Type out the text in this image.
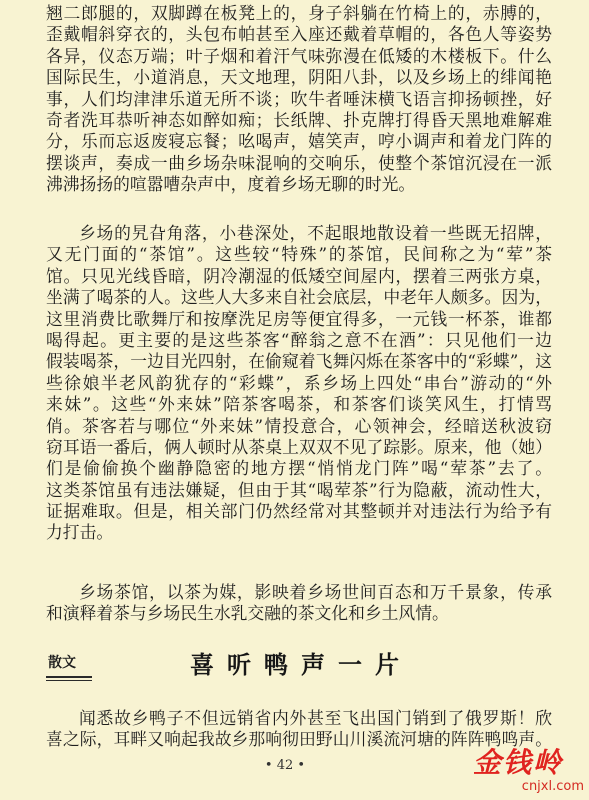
翘二郎腿的，双脚蹲在板凳上的，身子斜躺在竹椅上的，赤膊的，
歪戴帽斜穿衣的，头包布帕甚至入座还戴着草帽的，各色人等姿势
各异，仪态万端；叶子烟和着汗气味弥漫在低矮的木楼板下。什么
国际民生，小道消息，天文地理，阴阳八卦，以及乡场上的绯闻艳
事，人们均津津乐道无所不谈；吹牛者唾沫横飞语言抑扬顿挫，好
奇者洗耳恭听神态如醉如痴；长纸牌、扑克牌打得昏天黑地难解难
分，乐而忘返废寝忘餐；吆喝声，嬉笑声，哼小调声和着龙门阵的
摆谈声，奏成一曲乡场杂味混响的交响乐，使整个茶馆沉浸在一派
沸沸扬扬的喧嚣嘈杂声中，度着乡场无聊的时光。
乡场的旯旮角落，小巷深处，不起眼地散设着一些既无招牌，
又无门面的“茶馆”。这些较“特殊”的茶馆，民间称之为“荤”茶
馆。只见光线昏暗，阴冷潮湿的低矮空间屋内，摆着三两张方桌，
坐满了喝茶的人。这些人大多来自社会底层，中老年人颇多。因为，
这里消费比歌舞厅和按摩洗足房等便宜得多，一元钱一杯茶，谁都
喝得起。更主要的是这些茶客“醉翁之意不在酒”：只见他们一边
假装喝茶，一边目光四射，在偷窥着飞舞闪烁在茶客中的“彩蝶”，这
些徐娘半老风韵犹存的“彩蝶”，系乡场上四处“串台”游动的“外
来妹”。这些“外来妹”陪茶客喝茶，和茶客们谈笑风生，打情骂
俏。茶客若与哪位“外来妹”情投意合，心领神会，经暗送秋波窃
窃耳语一番后，俩人顿时从茶桌上双双不见了踪影。原来，他（她）
们是偷偷换个幽静隐密的地方摆“悄悄龙门阵”喝“荤茶”去了。
这类茶馆虽有违法嫌疑，但由于其“喝荤茶”行为隐蔽，流动性大，
证据难取。但是，相关部门仍然经常对其整顿并对违法行为给予有
力打击。
乡场茶馆，以茶为媒，影映着乡场世间百态和万千景象，传承
和演释着茶与乡场民生水乳交融的茶文化和乡土风情。
散文	喜听鸭声一片
闻悉故乡鸭子不但远销省内外甚至飞出国门销到了俄罗斯！欣
喜之际，耳畔又响起我故乡那响彻田野山川溪流河塘的阵阵鸭鸣声。
• 42 •	金钱岭
cnjxl.com
